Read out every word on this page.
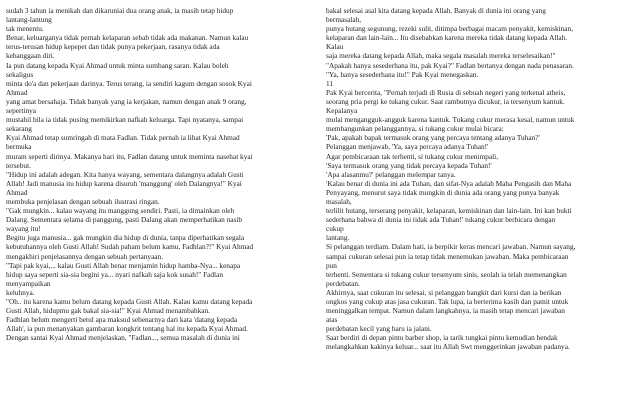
sudah 3 tahun ia menikah dan dikaruniai dua orang anak, ia masih tetap hidup
lantang-lantung
tak menentu.
Benar, keluarganya tidak pernah kelaparan sebab tidak ada makanan. Namun kalau
terus-terusan hidup kepepet dan tidak punya pekerjaan, rasanya tidak ada
kebanggaan diri.
Ia pun datang kepada Kyai Ahmad untuk minta sumbang saran. Kalau boleh
sekaligus
minta do'a dan pekerjaan darinya. Terus terang, ia sendiri kagum dengan sosok Kyai
Ahmad
yang amat bersahaja. Tidak banyak yang ia kerjakan, namun dengan anak 9 orang,
sepertinya
mustahil bila ia tidak pusing memikirkan nafkah keluarga. Tapi nyatanya, sampai
sekarang
Kyai Ahmad tetap sumringah di mata Fadlan. Tidak pernah ia lihat Kyai Ahmad
bermuka
muram seperti dirinya. Makanya hari itu, Fadlan datang untuk meminta nasehat kyai
tersebut.
"Hidup ini adalah adegan. Kita hanya wayang, sementara dalangnya adalah Gusti
Allah! Jadi manusia itu hidup karena disuruh 'manggung' oleh Dalangnya!" Kyai
Ahmad
membuka penjelasan dengan sebuah ilustrasi ringan.
"Gak mungkin... kalau wayang itu manggung sendiri. Pasti, ia dimainkan oleh
Dalang. Sementara selama di panggung, pasti Dalang akan memperhatikan nasib
wayang itu!
Begitu juga manusia... gak mungkin dia hidup di dunia, tanpa diperhatikan segala
kebutuhannya oleh Gusti Allah! Sudah paham belum kamu, Fadhlan?!" Kyai Ahmad
mengakhiri penjelasannya dengan sebuah pertanyaan.
"Tapi pak kyai,... kalau Gusti Allah benar menjamin hidup hamba-Nya... kenapa
hidup saya seperti sia-sia begini ya... nyari nafkah saja kok susah!" Fadlan
menyampaikan
keluhnya.
"Oh.. itu karena kamu belum datang kepada Gusti Allah. Kalau kamu datang kepada
Gusti Allah, hidupmu gak bakal sia-sia!" Kyai Ahmad menambahkan.
Fadhlan belum mengerti betul apa maksud sebenarnya dari kata 'datang kepada
Allah', ia pun menanyakan gambaran kongkrit tentang hal itu kepada Kyai Ahmad.
Dengan santai Kyai Ahmad menjelaskan, "Fadlan..., semua masalah di dunia ini
bakal selesai asal kita datang kepada Allah. Banyak di dunia ini orang yang
bermasalah,
punya hutang segunung, rezeki sulit, ditimpa berbagai macam penyakit, kemiskinan,
kelaparan dan lain-lain... Itu disebabkan karena mereka tidak datang kepada Allah.
Kalau
saja mereka datang kepada Allah, maka segala masalah mereka terselesaikan!"
"Apakah hanya sesederhana itu, pak Kyai?" Fadlan bertanya dengan nada penasaran.
"Ya, hanya sesederhana itu!" Pak Kyai menegaskan.
11
Pak Kyai bercerita, "Pernah terjadi di Rusia di sebuah negeri yang terkenal atheis,
seorang pria pergi ke tukang cukur. Saat rambutnya dicukur, ia tersenyum kantuk.
Kepalanya
mulai mengangguk-angguk karena kantuk. Tukang cukur merasa kesal, namun untuk
membangunkan pelanggannya, si tukang cukur mulai bicara:
'Pak, apakah bapak termasuk orang yang percaya tentang adanya Tuhan?'
Pelanggan menjawab, 'Ya, saya percaya adanya Tuhan!'
Agar pembicaraan tak terhenti, si tukang cukur menimpali,
'Saya termasuk orang yang tidak percaya kepada Tuhan!'
'Apa alasanmu?' pelanggan melempar tanya.
'Kalau benar di dunia ini ada Tuhan, dan sifat-Nya adalah Maha Pengasih dan Maha
Penyayang, menurut saya tidak mungkin di dunia ada orang yang punya banyak
masalah,
terlilit hutang, terserang penyakit, kelaparan, kemiskinan dan lain-lain. Ini kan bukti
sederhana bahwa di dunia ini tidak ada Tuhan!' tukang cukur berbicara dengan
cukup
lantang.
Si pelanggan terdiam. Dalam hati, ia berpikir keras mencari jawaban. Namun sayang,
sampai cukuran selesai pun ia tetap tidak menemukan jawaban. Maka pembicaraan
pun
terhenti. Sementara si tukang cukur tersenyum sinis, seolah ia telah memenangkan
perdebatan.
Akhirnya, saat cukuran itu selesai, si pelanggan bangkit dari kursi dan ia berikan
ongkos yang cukup atas jasa cukuran. Tak lupa, ia berterima kasih dan pamit untuk
meninggalkan tempat. Namun dalam langkahnya, ia masih tetap mencari jawaban
atas
perdebatan kecil yang baru ia jalani.
Saat berdiri di depan pintu barber shop, ia tarik tungkai pintu kemudian hendak
melangkahkan kakinya keluar... saat itu Allah Swt menggerinkan jawaban padanya.
